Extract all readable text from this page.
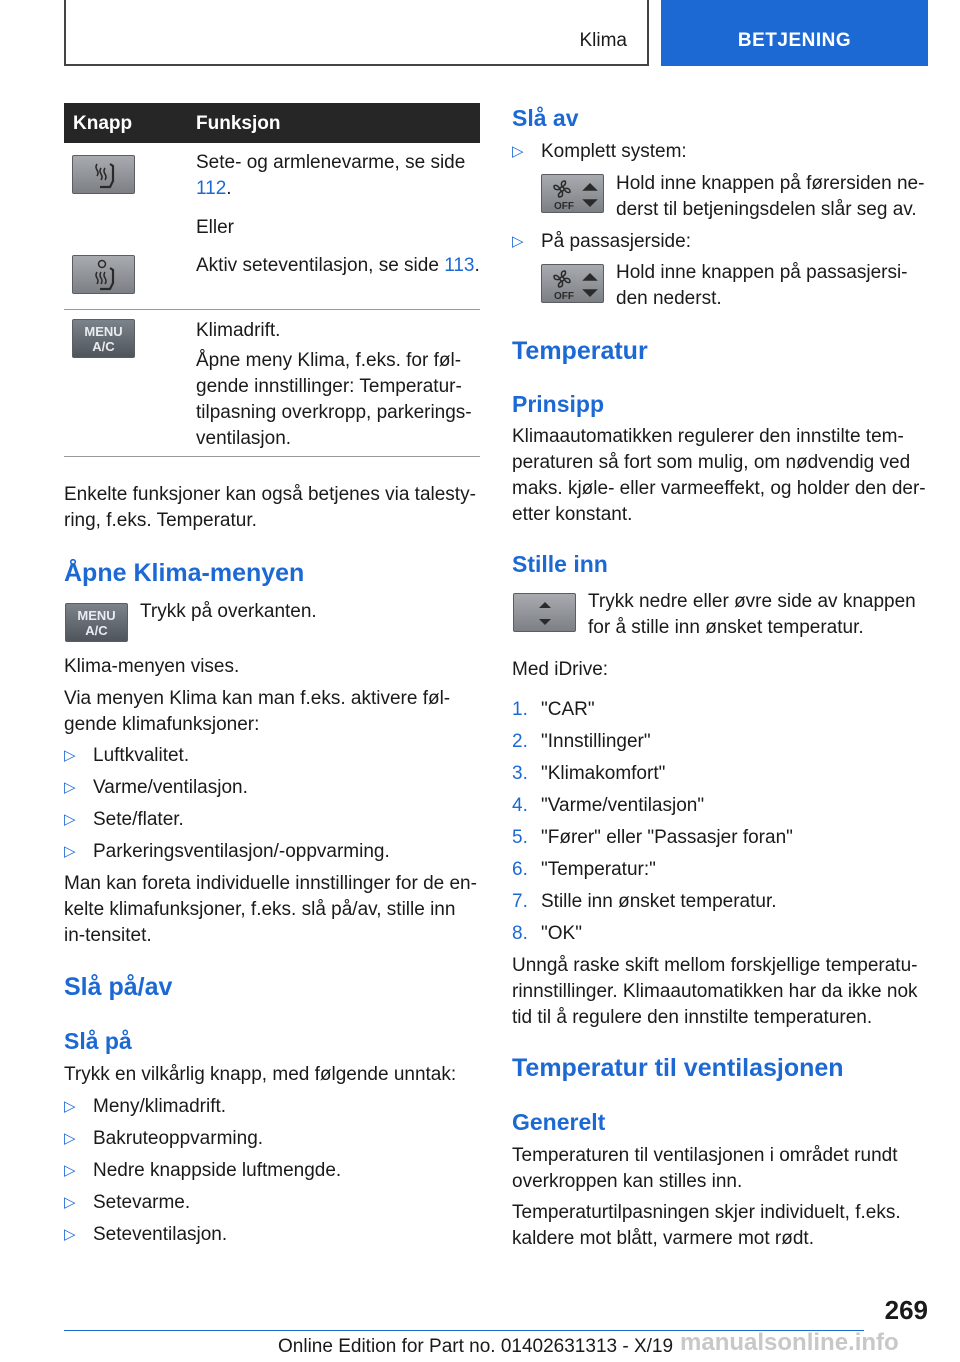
Klima	BETJENING
Knapp	Funksjon

Sete- og armlenevarme, se side 112.

Eller

Aktiv seteventilasjon, se side 113.

MENU
A/C

Klimadrift.

Åpne meny Klima, f.eks. for føl-gende innstillinger: Temperatur-tilpasning overkropp, parkerings-ventilasjon.

Enkelte funksjoner kan også betjenes via talesty-ring, f.eks. Temperatur.
Åpne Klima-menyen
MENU
A/C
Trykk på overkanten.
Klima-menyen vises.
Via menyen Klima kan man f.eks. aktivere føl-gende klimafunksjoner:
▷ Luftkvalitet.
▷ Varme/ventilasjon.
▷ Sete/flater.
▷ Parkeringsventilasjon/-oppvarming.
Man kan foreta individuelle innstillinger for de en-kelte klimafunksjoner, f.eks. slå på/av, stille inn in-tensitet.
Slå på/av
Slå på
Trykk en vilkårlig knapp, med følgende unntak:
▷ Meny/klimadrift.
▷ Bakruteoppvarming.
▷ Nedre knappside luftmengde.
▷ Setevarme.
▷ Seteventilasjon.
Slå av
▷ Komplett system:
OFF
Hold inne knappen på førersiden ne-derst til betjeningsdelen slår seg av.
▷ På passasjerside:
OFF
Hold inne knappen på passasjersi-den nederst.
Temperatur
Prinsipp
Klimaautomatikken regulerer den innstilte tem-peraturen så fort som mulig, om nødvendig ved maks. kjøle- eller varmeeffekt, og holder den der-etter konstant.
Stille inn
Trykk nedre eller øvre side av knappen for å stille inn ønsket temperatur.
Med iDrive:
1. "CAR"
2. "Innstillinger"
3. "Klimakomfort"
4. "Varme/ventilasjon"
5. "Fører" eller "Passasjer foran"
6. "Temperatur:"
7. Stille inn ønsket temperatur.
8. "OK"
Unngå raske skift mellom forskjellige temperatu-rinnstillinger. Klimaautomatikken har da ikke nok tid til å regulere den innstilte temperaturen.
Temperatur til ventilasjonen
Generelt
Temperaturen til ventilasjonen i området rundt overkroppen kan stilles inn.
Temperaturtilpasningen skjer individuelt, f.eks. kaldere mot blått, varmere mot rødt.
269
Online Edition for Part no. 01402631313 - X/19 manualsonline.info
